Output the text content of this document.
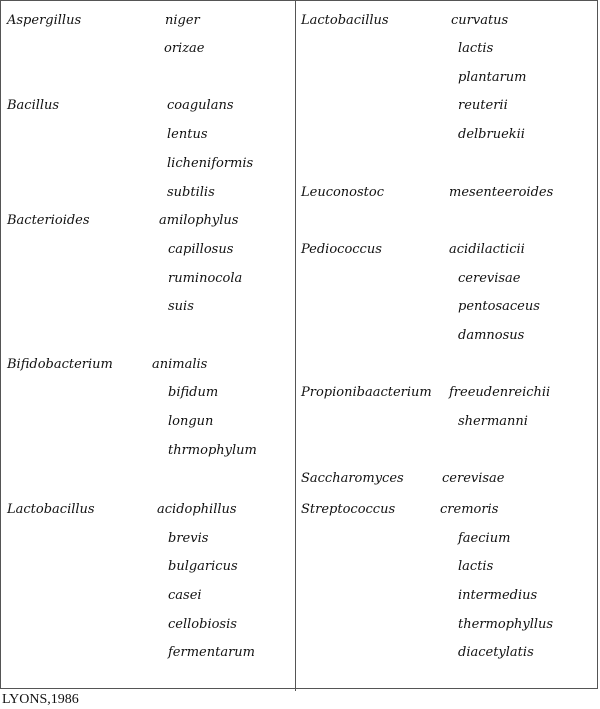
Aspergillus	niger
orizae
Bacillus	coagulans
lentus
licheniformis
subtilis
Bacterioides	amilophylus
capillosus
ruminocola
suis
Bifidobacterium	animalis
bifidum
longun
thrmophylum
Lactobacillus	acidophillus
brevis
bulgaricus
casei
cellobiosis
fermentarum
Lactobacillus	curvatus
lactis
plantarum
reuterii
delbruekii
Leuconostoc	mesenteeroides
Pediococcus	acidilacticii
cerevisae
pentosaceus
damnosus
Propionibaacterium freeudenreichii
shermanni
Saccharomyces	cerevisae
Streptococcus	cremoris
faecium
lactis
intermedius
thermophyllus
diacetylatis
LYONS,1986
